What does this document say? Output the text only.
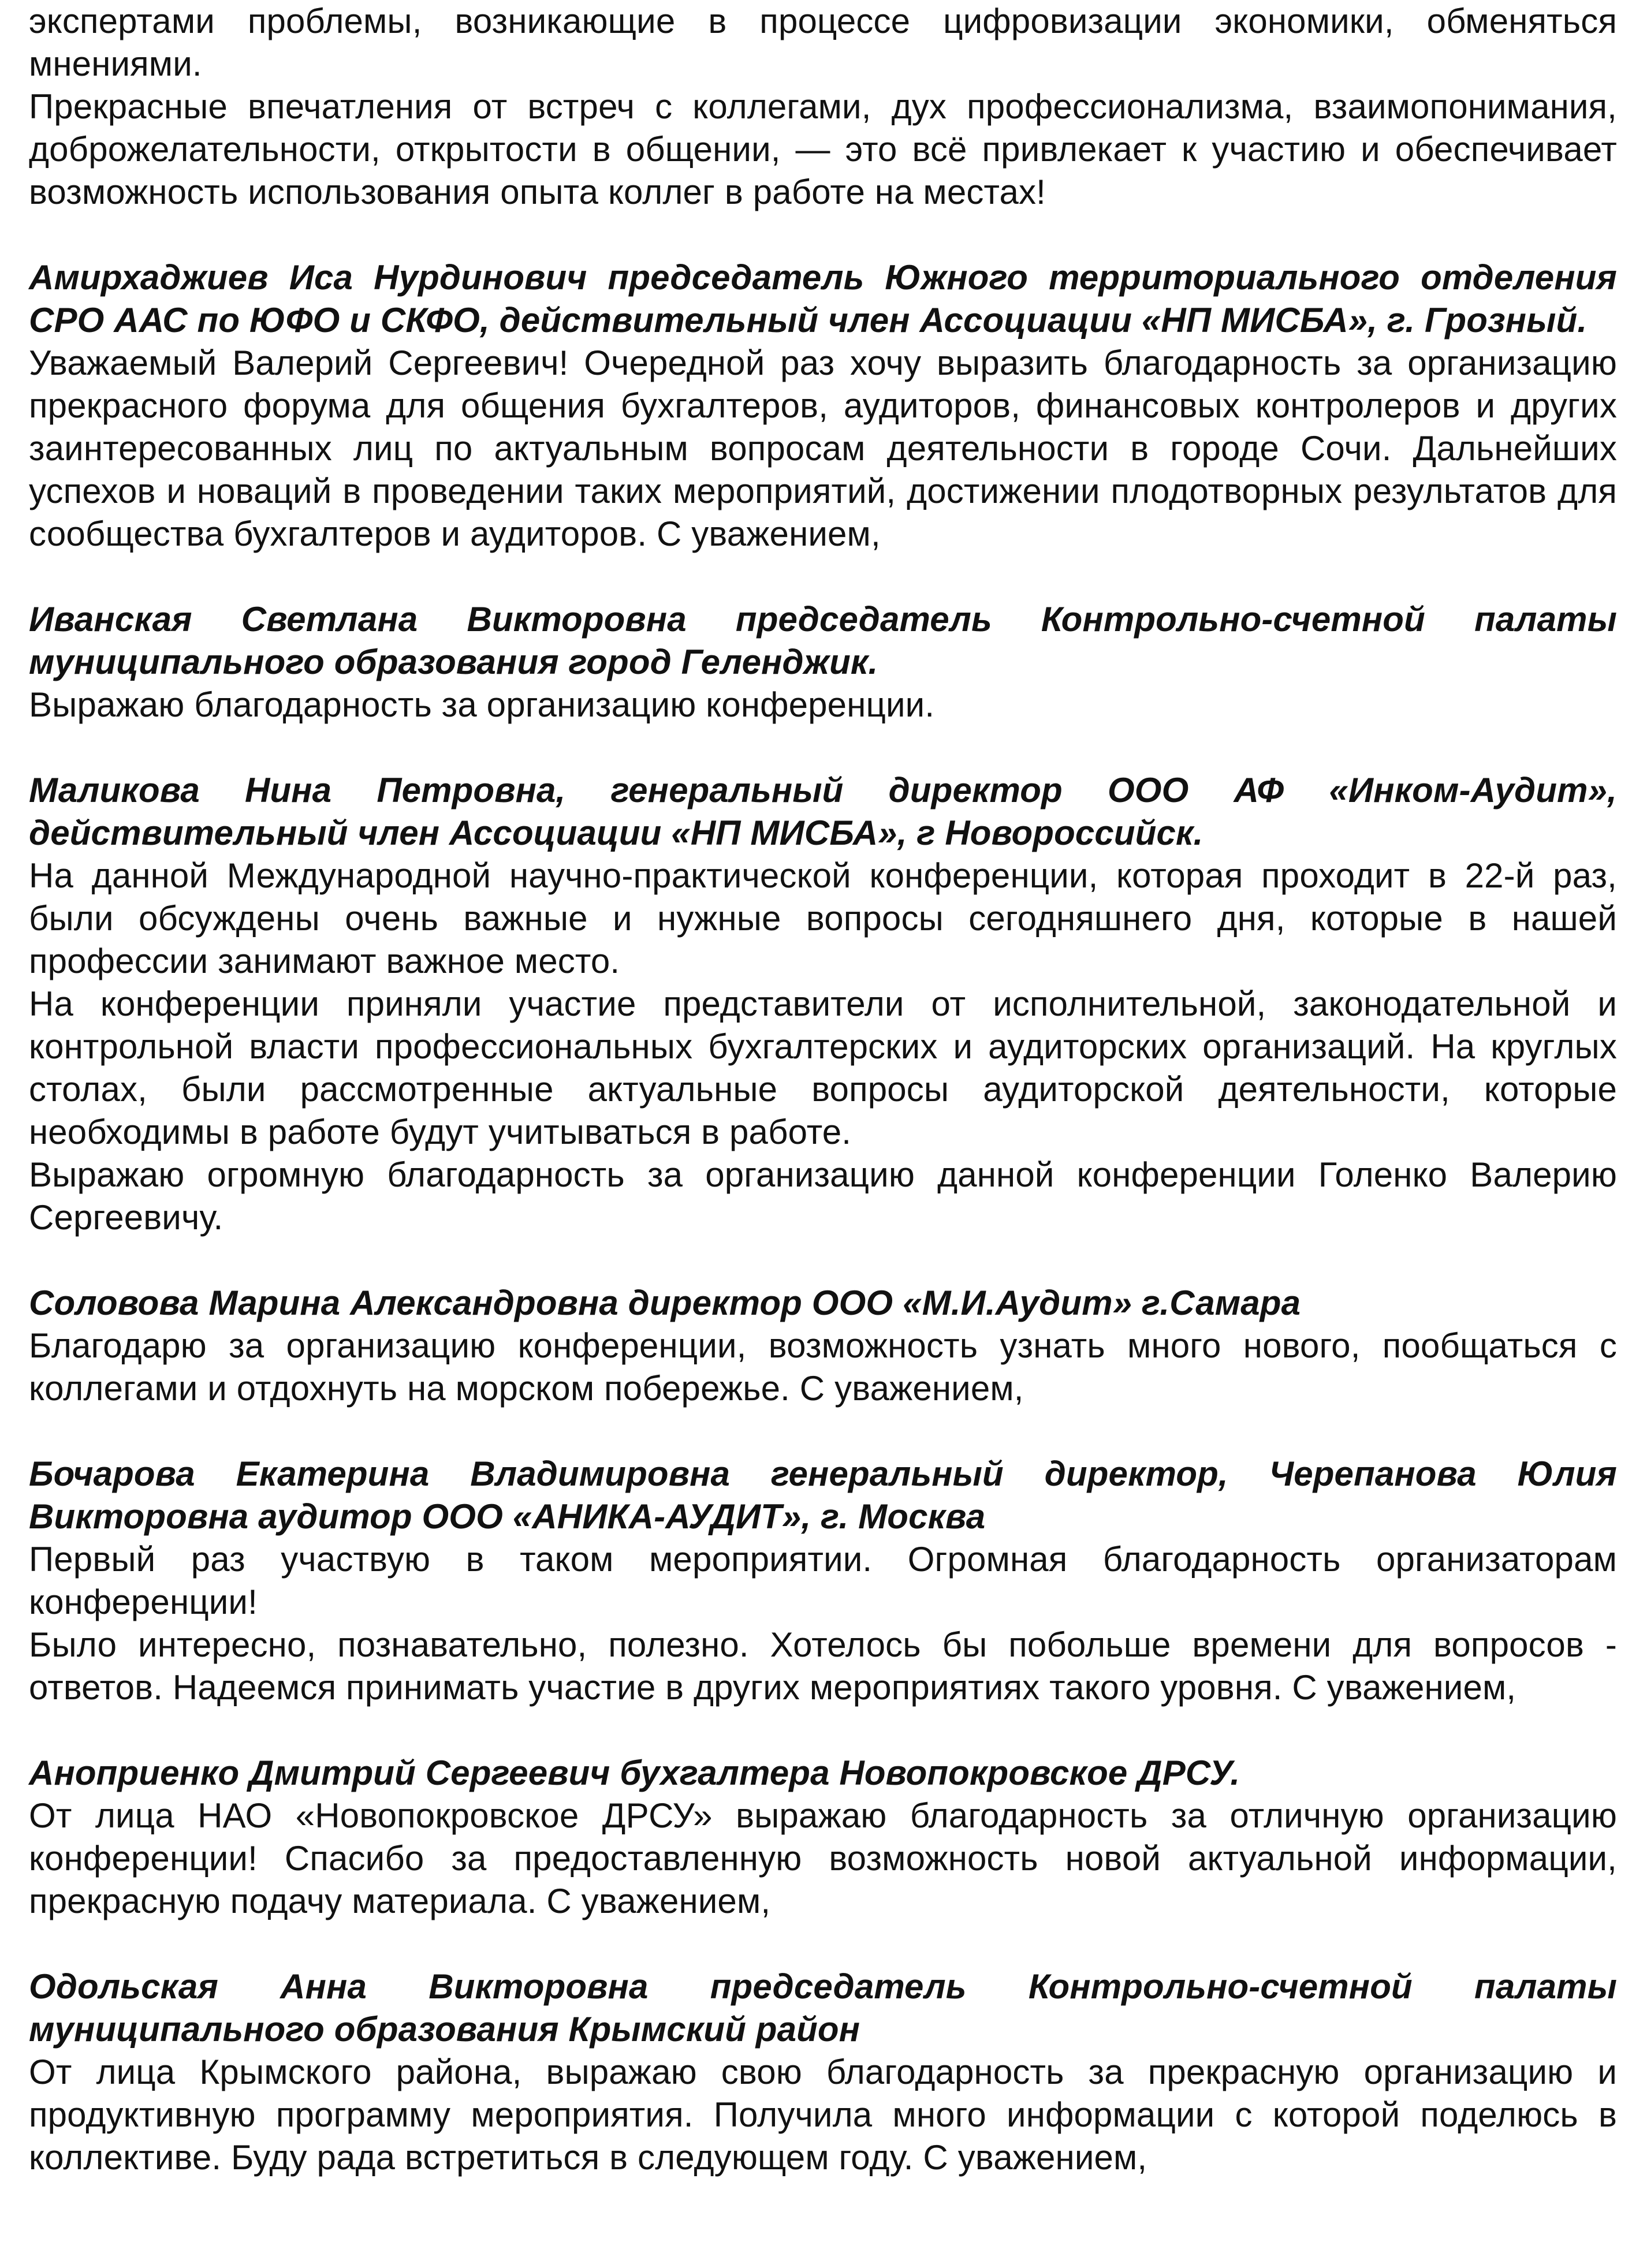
экспертами проблемы, возникающие в процессе цифровизации экономики, обменяться мнениями.

Прекрасные впечатления от встреч с коллегами, дух профессионализма, взаимопонимания, доброжелательности, открытости в общении, — это всё привлекает к участию и обеспечивает возможность использования опыта коллег в работе на местах!

Амирхаджиев Иса Нурдинович председатель Южного территориального отделения СРО ААС по ЮФО и СКФО, действительный член Ассоциации «НП МИСБА», г. Грозный.

Уважаемый Валерий Сергеевич! Очередной раз хочу выразить благодарность за организацию прекрасного форума для общения бухгалтеров, аудиторов, финансовых контролеров и других заинтересованных лиц по актуальным вопросам деятельности в городе Сочи. Дальнейших успехов и новаций в проведении таких мероприятий, достижении плодотворных результатов для сообщества бухгалтеров и аудиторов. С уважением,

Иванская Светлана Викторовна председатель Контрольно-счетной палаты муниципального образования город Геленджик.

Выражаю благодарность за организацию конференции.

Маликова Нина Петровна, генеральный директор ООО АФ «Инком-Аудит», действительный член Ассоциации «НП МИСБА», г Новороссийск.

На данной Международной научно-практической конференции, которая проходит в 22-й раз, были обсуждены очень важные и нужные вопросы сегодняшнего дня, которые в нашей профессии занимают важное место.

На конференции приняли участие представители от исполнительной, законодательной и контрольной власти профессиональных бухгалтерских и аудиторских организаций. На круглых столах, были рассмотренные актуальные вопросы аудиторской деятельности, которые необходимы в работе будут учитываться в работе.

Выражаю огромную благодарность за организацию данной конференции Голенко Валерию Сергеевичу.

Соловова Марина Александровна директор ООО «М.И.Аудит» г.Самара

Благодарю за организацию конференции, возможность узнать много нового, пообщаться с коллегами и отдохнуть на морском побережье. С уважением,

Бочарова Екатерина Владимировна генеральный директор, Черепанова Юлия Викторовна аудитор ООО «АНИКА-АУДИТ», г. Москва

Первый раз участвую в таком мероприятии. Огромная благодарность организаторам конференции!

Было интересно, познавательно, полезно. Хотелось бы побольше времени для вопросов - ответов. Надеемся принимать участие в других мероприятиях такого уровня. С уважением,

Аноприенко Дмитрий Сергеевич бухгалтера Новопокровское ДРСУ.

От лица НАО «Новопокровское ДРСУ» выражаю благодарность за отличную организацию конференции! Спасибо за предоставленную возможность новой актуальной информации, прекрасную подачу материала. С уважением,

Одольская Анна Викторовна председатель Контрольно-счетной палаты муниципального образования Крымский район

От лица Крымского района, выражаю свою благодарность за прекрасную организацию и продуктивную программу мероприятия. Получила много информации с которой поделюсь в коллективе. Буду рада встретиться в следующем году. С уважением,
